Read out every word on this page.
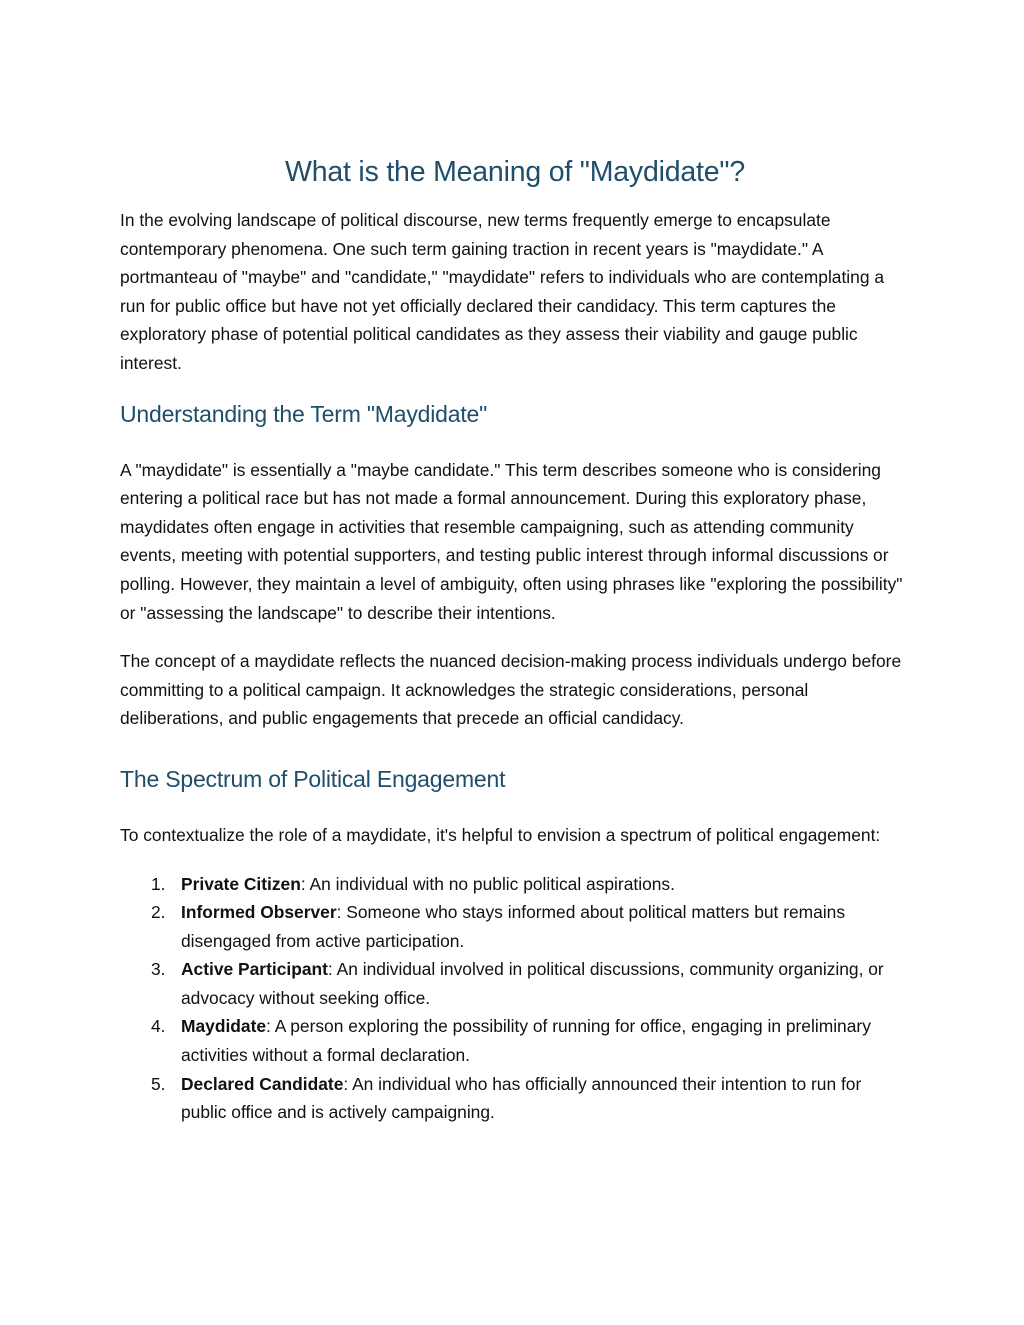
What is the Meaning of "Maydidate"?

In the evolving landscape of political discourse, new terms frequently emerge to encapsulate contemporary phenomena. One such term gaining traction in recent years is "maydidate." A portmanteau of "maybe" and "candidate," "maydidate" refers to individuals who are contemplating a run for public office but have not yet officially declared their candidacy. This term captures the exploratory phase of potential political candidates as they assess their viability and gauge public interest.

Understanding the Term "Maydidate"

A "maydidate" is essentially a "maybe candidate." This term describes someone who is considering entering a political race but has not made a formal announcement. During this exploratory phase, maydidates often engage in activities that resemble campaigning, such as attending community events, meeting with potential supporters, and testing public interest through informal discussions or polling. However, they maintain a level of ambiguity, often using phrases like "exploring the possibility" or "assessing the landscape" to describe their intentions.

The concept of a maydidate reflects the nuanced decision-making process individuals undergo before committing to a political campaign. It acknowledges the strategic considerations, personal deliberations, and public engagements that precede an official candidacy.

The Spectrum of Political Engagement

To contextualize the role of a maydidate, it's helpful to envision a spectrum of political engagement:

1. Private Citizen: An individual with no public political aspirations.
2. Informed Observer: Someone who stays informed about political matters but remains disengaged from active participation.
3. Active Participant: An individual involved in political discussions, community organizing, or advocacy without seeking office.
4. Maydidate: A person exploring the possibility of running for office, engaging in preliminary activities without a formal declaration.
5. Declared Candidate: An individual who has officially announced their intention to run for public office and is actively campaigning.
